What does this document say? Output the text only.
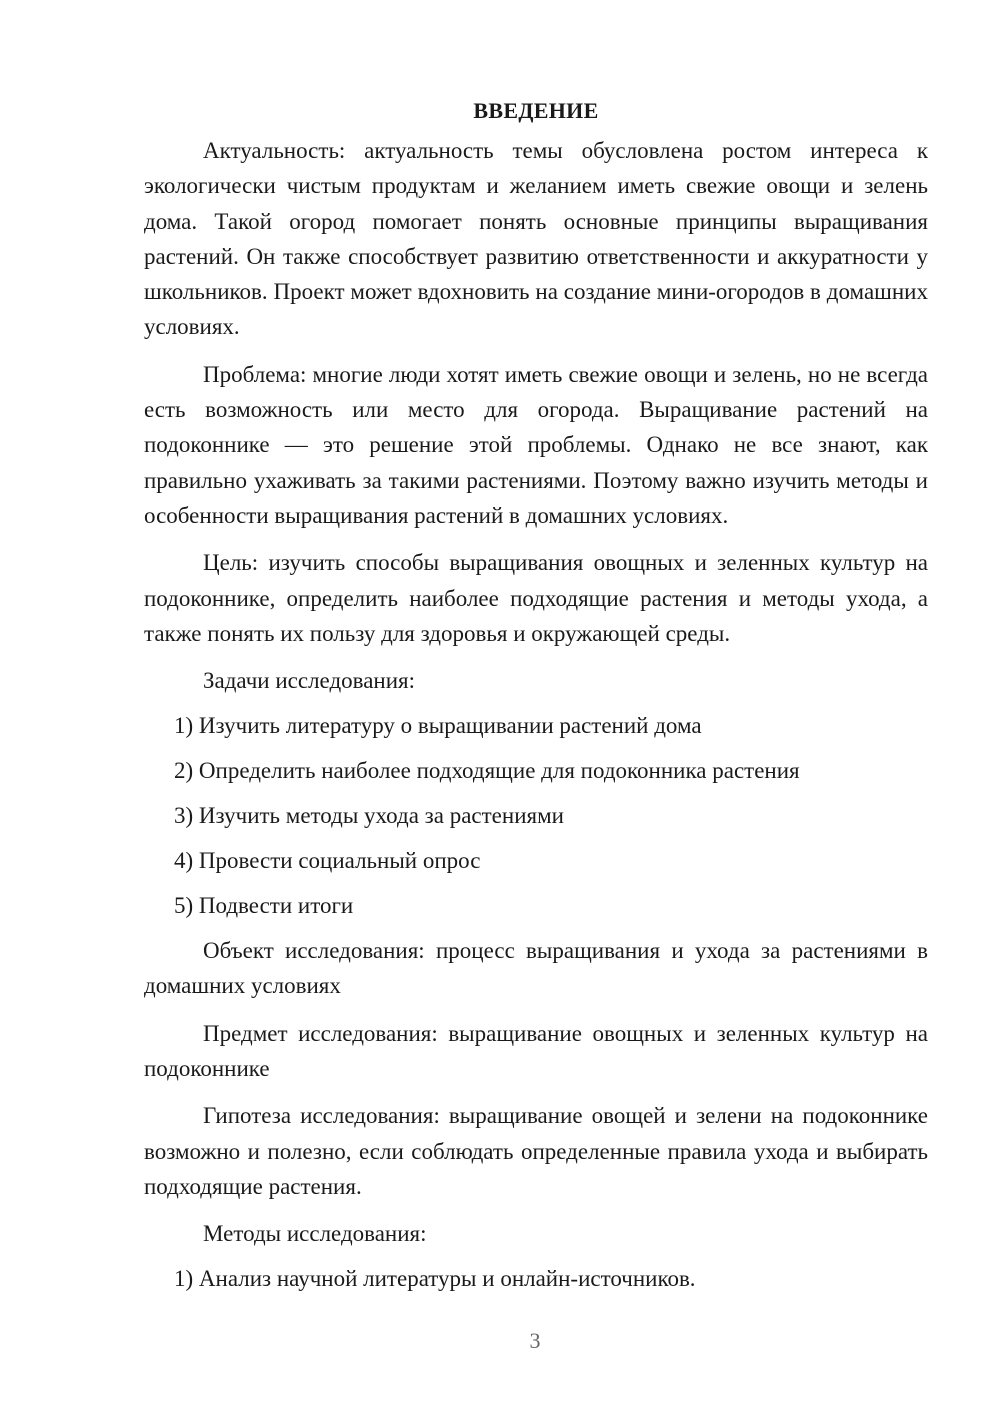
ВВЕДЕНИЕ

Актуальность: актуальность темы обусловлена ростом интереса к экологически чистым продуктам и желанием иметь свежие овощи и зелень дома. Такой огород помогает понять основные принципы выращивания растений. Он также способствует развитию ответственности и аккуратности у школьников. Проект может вдохновить на создание мини-огородов в домашних условиях.

Проблема: многие люди хотят иметь свежие овощи и зелень, но не всегда есть возможность или место для огорода. Выращивание растений на подоконнике — это решение этой проблемы. Однако не все знают, как правильно ухаживать за такими растениями. Поэтому важно изучить методы и особенности выращивания растений в домашних условиях.

Цель: изучить способы выращивания овощных и зеленных культур на подоконнике, определить наиболее подходящие растения и методы ухода, а также понять их пользу для здоровья и окружающей среды.

Задачи исследования:
1) Изучить литературу о выращивании растений дома
2) Определить наиболее подходящие для подоконника растения
3) Изучить методы ухода за растениями
4) Провести социальный опрос
5) Подвести итоги

Объект исследования: процесс выращивания и ухода за растениями в домашних условиях

Предмет исследования: выращивание овощных и зеленных культур на подоконнике

Гипотеза исследования: выращивание овощей и зелени на подоконнике возможно и полезно, если соблюдать определенные правила ухода и выбирать подходящие растения.

Методы исследования:
1) Анализ научной литературы и онлайн-источников.
3
